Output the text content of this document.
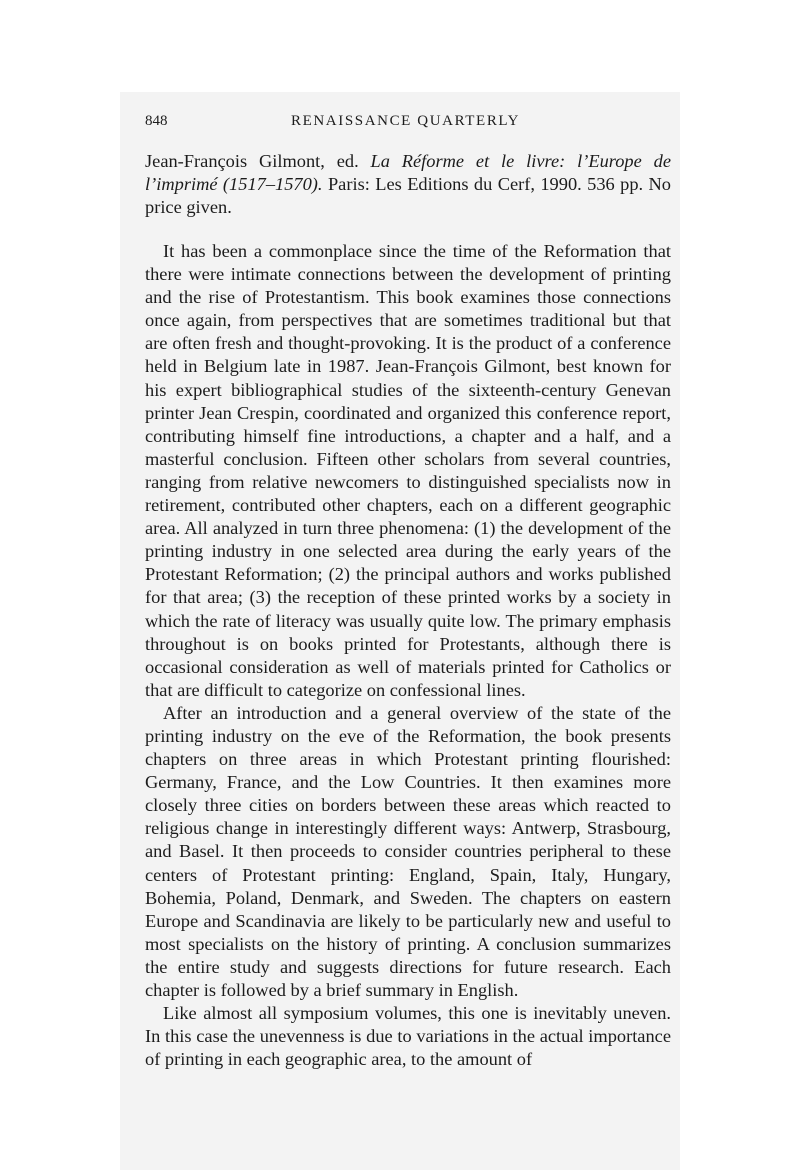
848	RENAISSANCE QUARTERLY
Jean-François Gilmont, ed. La Réforme et le livre: l’Europe de l’imprimé (1517–1570). Paris: Les Editions du Cerf, 1990. 536 pp. No price given.

It has been a commonplace since the time of the Reformation that there were intimate connections between the development of printing and the rise of Protestantism. This book examines those connections once again, from perspectives that are sometimes traditional but that are often fresh and thought-provoking. It is the product of a conference held in Belgium late in 1987. Jean-François Gilmont, best known for his expert bibliographical studies of the sixteenth-century Genevan printer Jean Crespin, coordinated and organized this conference report, contributing himself fine introductions, a chapter and a half, and a masterful conclusion. Fifteen other scholars from several countries, ranging from relative newcomers to distinguished specialists now in retirement, contributed other chapters, each on a different geographic area. All analyzed in turn three phenomena: (1) the development of the printing industry in one selected area during the early years of the Protestant Reformation; (2) the principal authors and works published for that area; (3) the reception of these printed works by a society in which the rate of literacy was usually quite low. The primary emphasis throughout is on books printed for Protestants, although there is occasional consideration as well of materials printed for Catholics or that are difficult to categorize on confessional lines.

After an introduction and a general overview of the state of the printing industry on the eve of the Reformation, the book presents chapters on three areas in which Protestant printing flourished: Germany, France, and the Low Countries. It then examines more closely three cities on borders between these areas which reacted to religious change in interestingly different ways: Antwerp, Strasbourg, and Basel. It then proceeds to consider countries peripheral to these centers of Protestant printing: England, Spain, Italy, Hungary, Bohemia, Poland, Denmark, and Sweden. The chapters on eastern Europe and Scandinavia are likely to be particularly new and useful to most specialists on the history of printing. A conclusion summarizes the entire study and suggests directions for future research. Each chapter is followed by a brief summary in English.

Like almost all symposium volumes, this one is inevitably uneven. In this case the unevenness is due to variations in the actual importance of printing in each geographic area, to the amount of
